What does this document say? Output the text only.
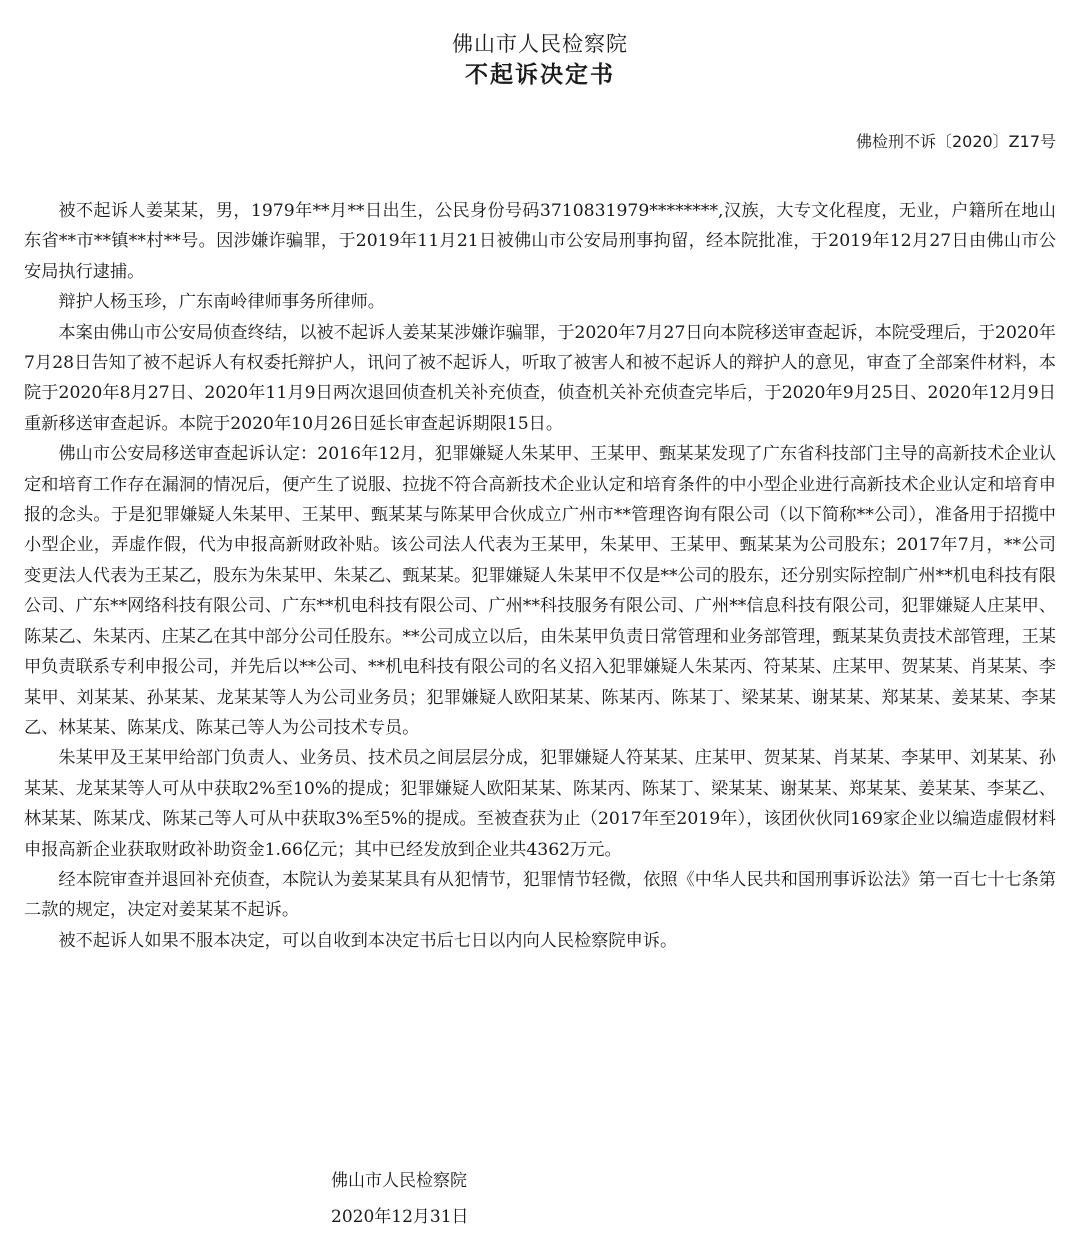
佛山市人民检察院
不起诉决定书
佛检刑不诉〔2020〕Z17号

被不起诉人姜某某，男，1979年**月**日出生，公民身份号码3710831979********,汉族，大专文化程度，无业，户籍所在地山东省**市**镇**村**号。因涉嫌诈骗罪，于2019年11月21日被佛山市公安局刑事拘留，经本院批准，于2019年12月27日由佛山市公安局执行逮捕。

辩护人杨玉珍，广东南岭律师事务所律师。

本案由佛山市公安局侦查终结，以被不起诉人姜某某涉嫌诈骗罪，于2020年7月27日向本院移送审查起诉，本院受理后，于2020年7月28日告知了被不起诉人有权委托辩护人，讯问了被不起诉人，听取了被害人和被不起诉人的辩护人的意见，审查了全部案件材料，本院于2020年8月27日、2020年11月9日两次退回侦查机关补充侦查，侦查机关补充侦查完毕后，于2020年9月25日、2020年12月9日重新移送审查起诉。本院于2020年10月26日延长审查起诉期限15日。

佛山市公安局移送审查起诉认定：2016年12月，犯罪嫌疑人朱某甲、王某甲、甄某某发现了广东省科技部门主导的高新技术企业认定和培育工作存在漏洞的情况后，便产生了说服、拉拢不符合高新技术企业认定和培育条件的中小型企业进行高新技术企业认定和培育申报的念头。于是犯罪嫌疑人朱某甲、王某甲、甄某某与陈某甲合伙成立广州市**管理咨询有限公司（以下简称**公司），准备用于招揽中小型企业，弄虚作假，代为申报高新财政补贴。该公司法人代表为王某甲，朱某甲、王某甲、甄某某为公司股东；2017年7月，**公司变更法人代表为王某乙，股东为朱某甲、朱某乙、甄某某。犯罪嫌疑人朱某甲不仅是**公司的股东，还分别实际控制广州**机电科技有限公司、广东**网络科技有限公司、广东**机电科技有限公司、广州**科技服务有限公司、广州**信息科技有限公司，犯罪嫌疑人庄某甲、陈某乙、朱某丙、庄某乙在其中部分公司任股东。**公司成立以后，由朱某甲负责日常管理和业务部管理，甄某某负责技术部管理，王某甲负责联系专利申报公司，并先后以**公司、**机电科技有限公司的名义招入犯罪嫌疑人朱某丙、符某某、庄某甲、贺某某、肖某某、李某甲、刘某某、孙某某、龙某某等人为公司业务员；犯罪嫌疑人欧阳某某、陈某丙、陈某丁、梁某某、谢某某、郑某某、姜某某、李某乙、林某某、陈某戊、陈某己等人为公司技术专员。

朱某甲及王某甲给部门负责人、业务员、技术员之间层层分成，犯罪嫌疑人符某某、庄某甲、贺某某、肖某某、李某甲、刘某某、孙某某、龙某某等人可从中获取2%至10%的提成；犯罪嫌疑人欧阳某某、陈某丙、陈某丁、梁某某、谢某某、郑某某、姜某某、李某乙、林某某、陈某戊、陈某己等人可从中获取3%至5%的提成。至被查获为止（2017年至2019年），该团伙伙同169家企业以编造虚假材料申报高新企业获取财政补助资金1.66亿元；其中已经发放到企业共4362万元。

经本院审查并退回补充侦查，本院认为姜某某具有从犯情节，犯罪情节轻微，依照《中华人民共和国刑事诉讼法》第一百七十七条第二款的规定，决定对姜某某不起诉。

被不起诉人如果不服本决定，可以自收到本决定书后七日以内向人民检察院申诉。

佛山市人民检察院
2020年12月31日
